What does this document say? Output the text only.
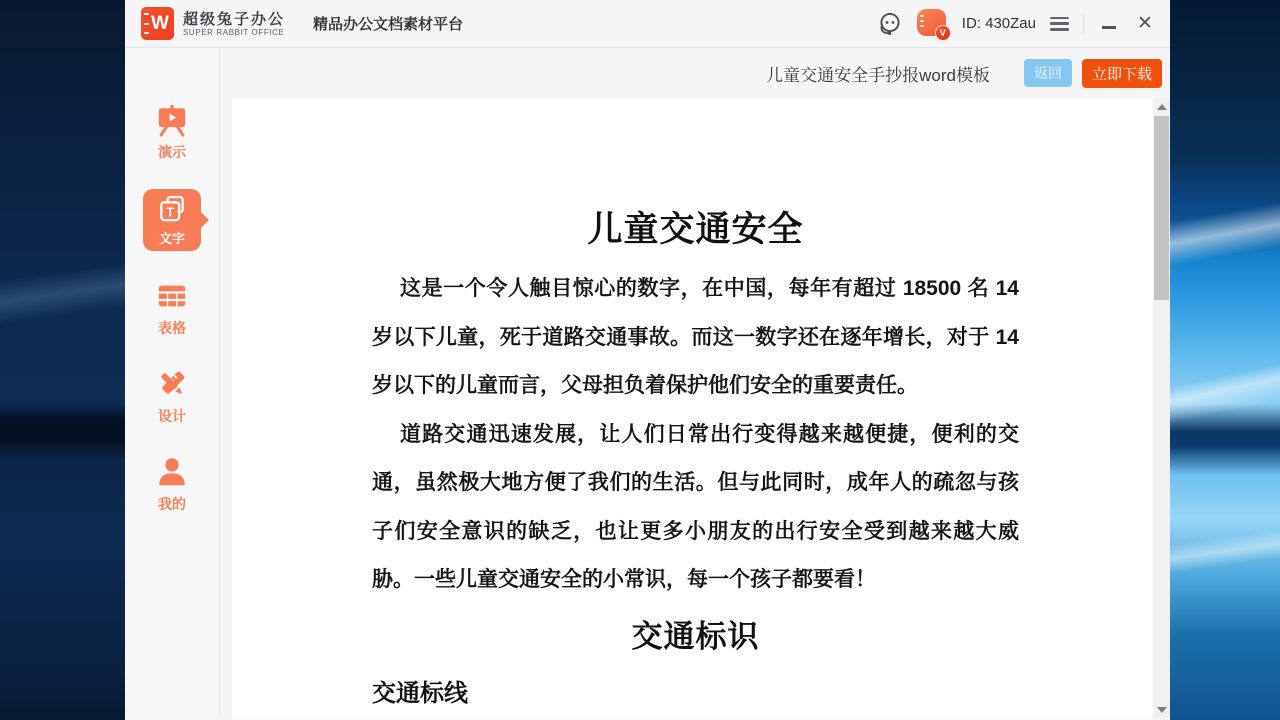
W 超级兔子办公
SUPER RABBIT OFFICE 精品办公文档素材平台	V
ID: 430Zau	✕
演示
T
文字
表格
设计
我的
儿童交通安全手抄报word模板	返回	立即下载
儿童交通安全

这是一个令人触目惊心的数字，在中国，每年有超过 18500 名 14 岁以下儿童，死于道路交通事故。而这一数字还在逐年增长，对于 14 岁以下的儿童而言，父母担负着保护他们安全的重要责任。

道路交通迅速发展，让人们日常出行变得越来越便捷，便利的交通，虽然极大地方便了我们的生活。但与此同时，成年人的疏忽与孩子们安全意识的缺乏，也让更多小朋友的出行安全受到越来越大威胁。一些儿童交通安全的小常识，每一个孩子都要看！

交通标识
交通标线
